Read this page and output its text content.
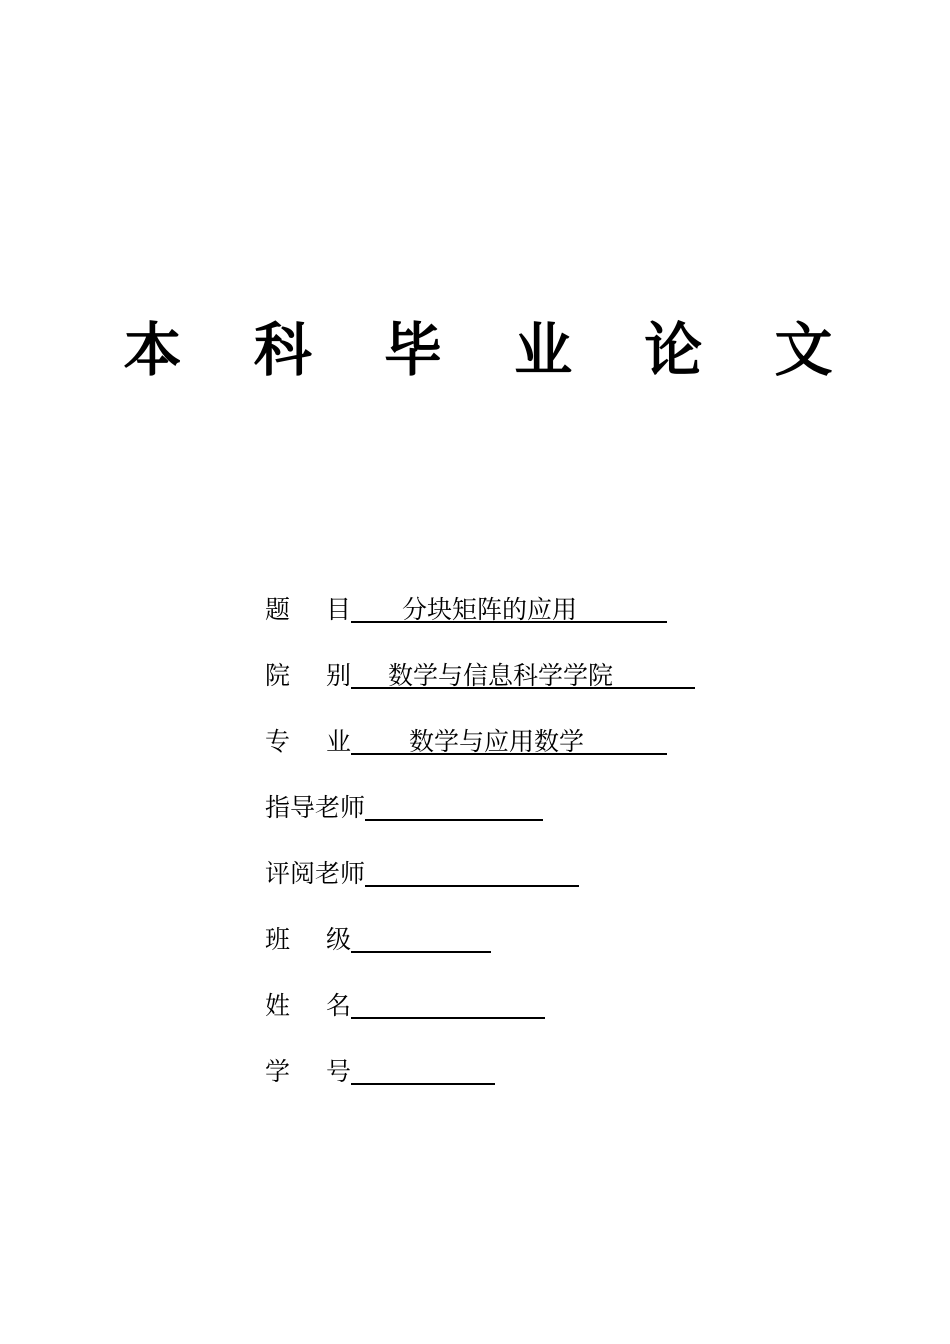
本 科 毕 业 论 文
题 目	分块矩阵的应用
院 别	数学与信息科学学院
专 业	数学与应用数学
指导老师
评阅老师
班 级
姓 名
学 号
